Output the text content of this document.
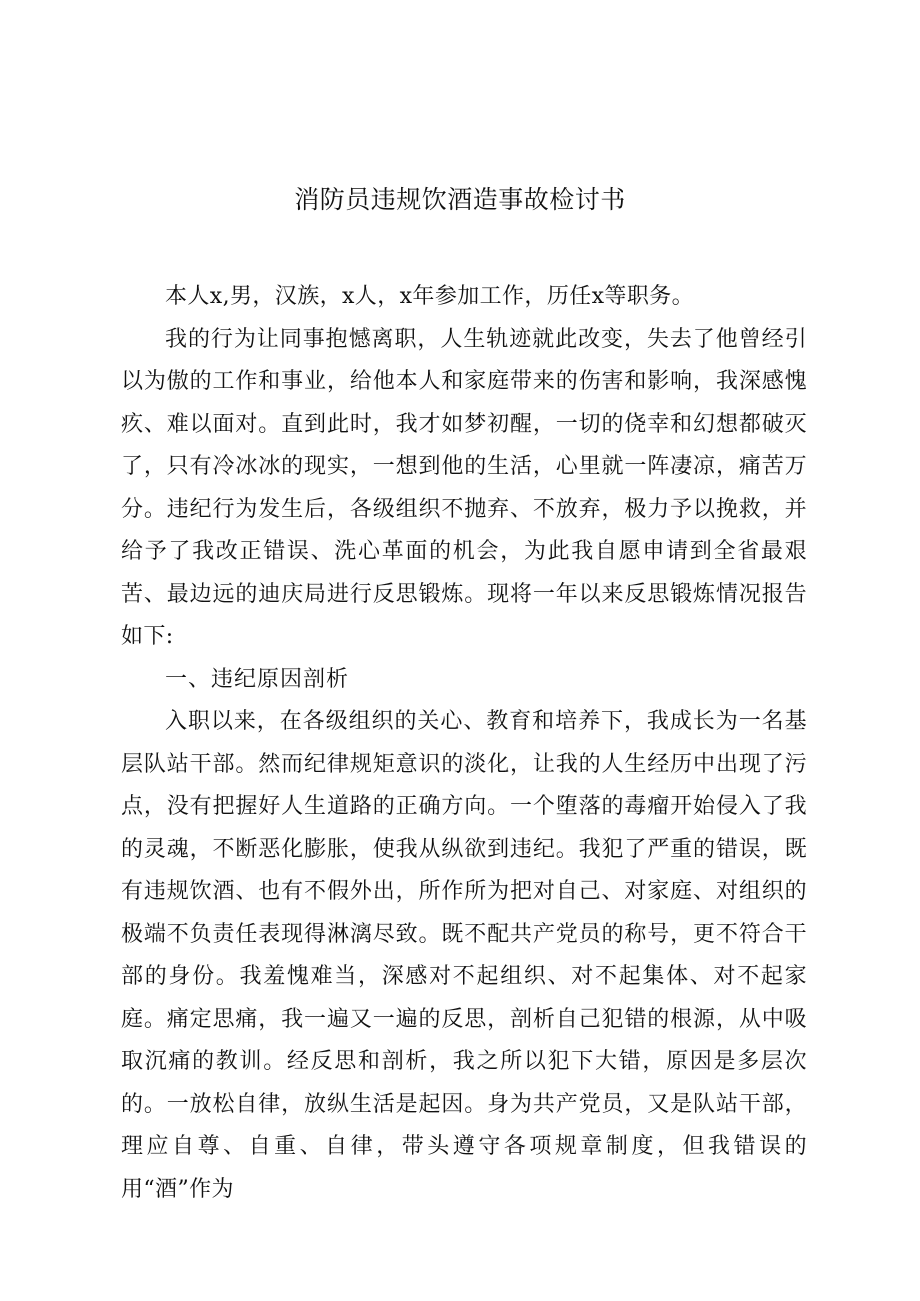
消防员违规饮酒造事故检讨书

本人x,男，汉族，x人，x年参加工作，历任x等职务。

我的行为让同事抱憾离职，人生轨迹就此改变，失去了他曾经引以为傲的工作和事业，给他本人和家庭带来的伤害和影响，我深感愧疚、难以面对。直到此时，我才如梦初醒，一切的侥幸和幻想都破灭了，只有冷冰冰的现实，一想到他的生活，心里就一阵凄凉，痛苦万分。违纪行为发生后，各级组织不抛弃、不放弃，极力予以挽救，并给予了我改正错误、洗心革面的机会，为此我自愿申请到全省最艰苦、最边远的迪庆局进行反思锻炼。现将一年以来反思锻炼情况报告如下:

一、违纪原因剖析

入职以来，在各级组织的关心、教育和培养下，我成长为一名基层队站干部。然而纪律规矩意识的淡化，让我的人生经历中出现了污点，没有把握好人生道路的正确方向。一个堕落的毒瘤开始侵入了我的灵魂，不断恶化膨胀，使我从纵欲到违纪。我犯了严重的错误，既有违规饮酒、也有不假外出，所作所为把对自己、对家庭、对组织的极端不负责任表现得淋漓尽致。既不配共产党员的称号，更不符合干部的身份。我羞愧难当，深感对不起组织、对不起集体、对不起家庭。痛定思痛，我一遍又一遍的反思，剖析自己犯错的根源，从中吸取沉痛的教训。经反思和剖析，我之所以犯下大错，原因是多层次的。一放松自律，放纵生活是起因。身为共产党员，又是队站干部，理应自尊、自重、自律，带头遵守各项规章制度，但我错误的用“酒”作为
